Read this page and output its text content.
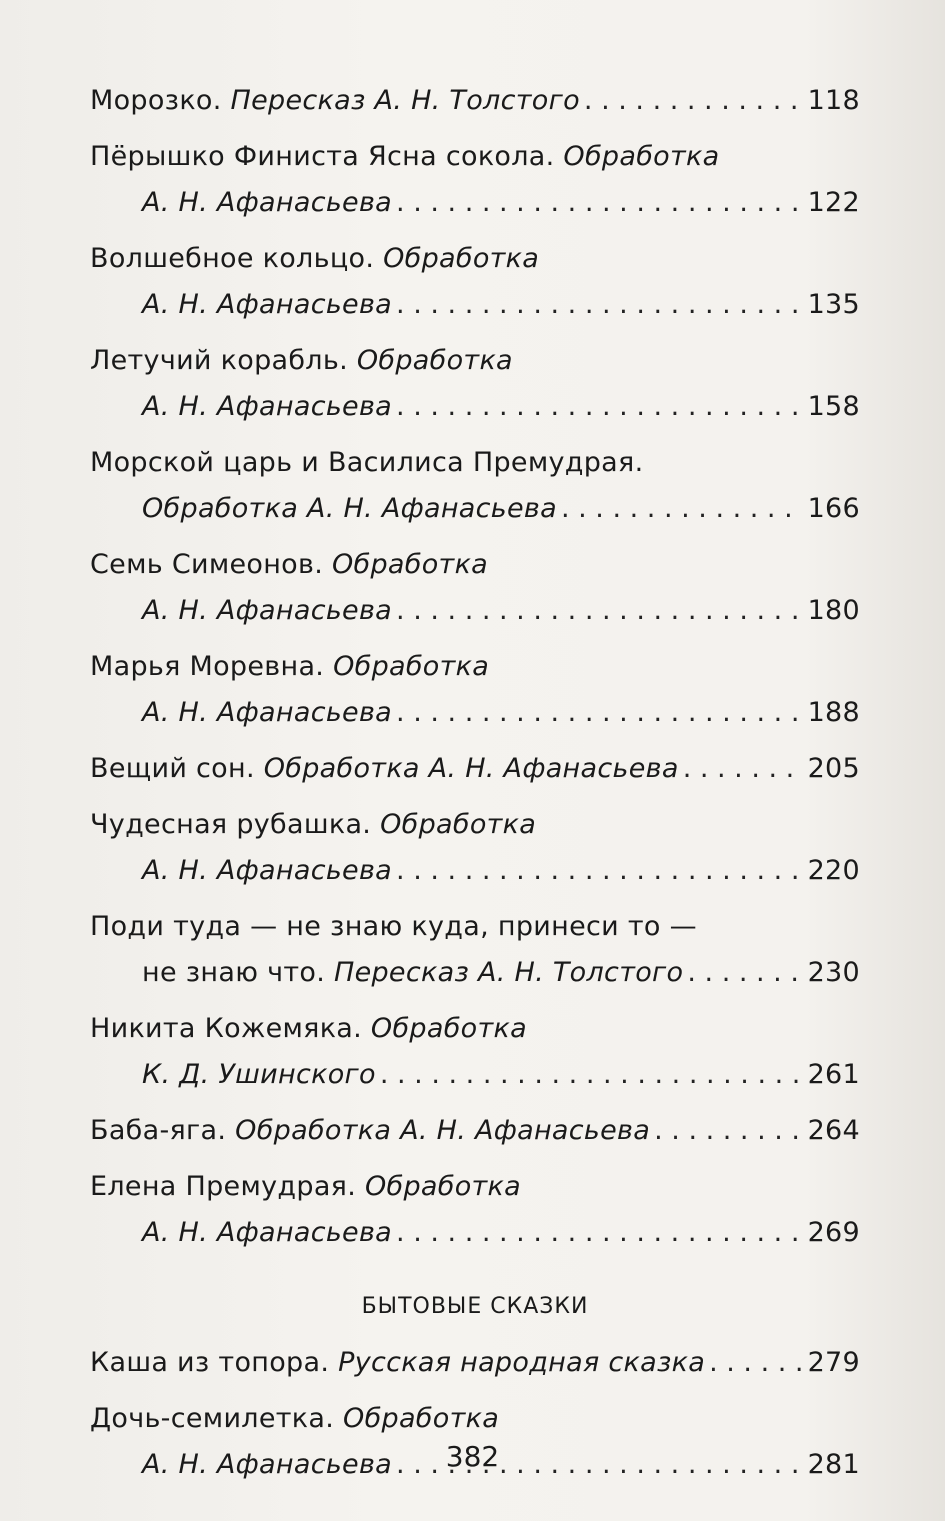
Морозко. Пересказ А. Н. Толстого . . .	118
Пёрышко Финиста Ясна сокола. Обработка
А. Н. Афанасьева . . .	122
Волшебное кольцо. Обработка
А. Н. Афанасьева . . .	135
Летучий корабль. Обработка
А. Н. Афанасьева . . .	158
Морской царь и Василиса Премудрая.
Обработка А. Н. Афанасьева . . .	166
Семь Симеонов. Обработка
А. Н. Афанасьева . . .	180
Марья Моревна. Обработка
А. Н. Афанасьева . . .	188
Вещий сон. Обработка А. Н. Афанасьева . . .	205
Чудесная рубашка. Обработка
А. Н. Афанасьева . . .	220
Поди туда — не знаю куда, принеси то —
не знаю что. Пересказ А. Н. Толстого . . .	230
Никита Кожемяка. Обработка
К. Д. Ушинского . . .	261
Баба-яга. Обработка А. Н. Афанасьева . . .	264
Елена Премудрая. Обработка
А. Н. Афанасьева . . .	269
БЫТОВЫЕ СКАЗКИ
Каша из топора. Русская народная сказка . . .	279
Дочь-семилетка. Обработка
А. Н. Афанасьева . . .	281
382
